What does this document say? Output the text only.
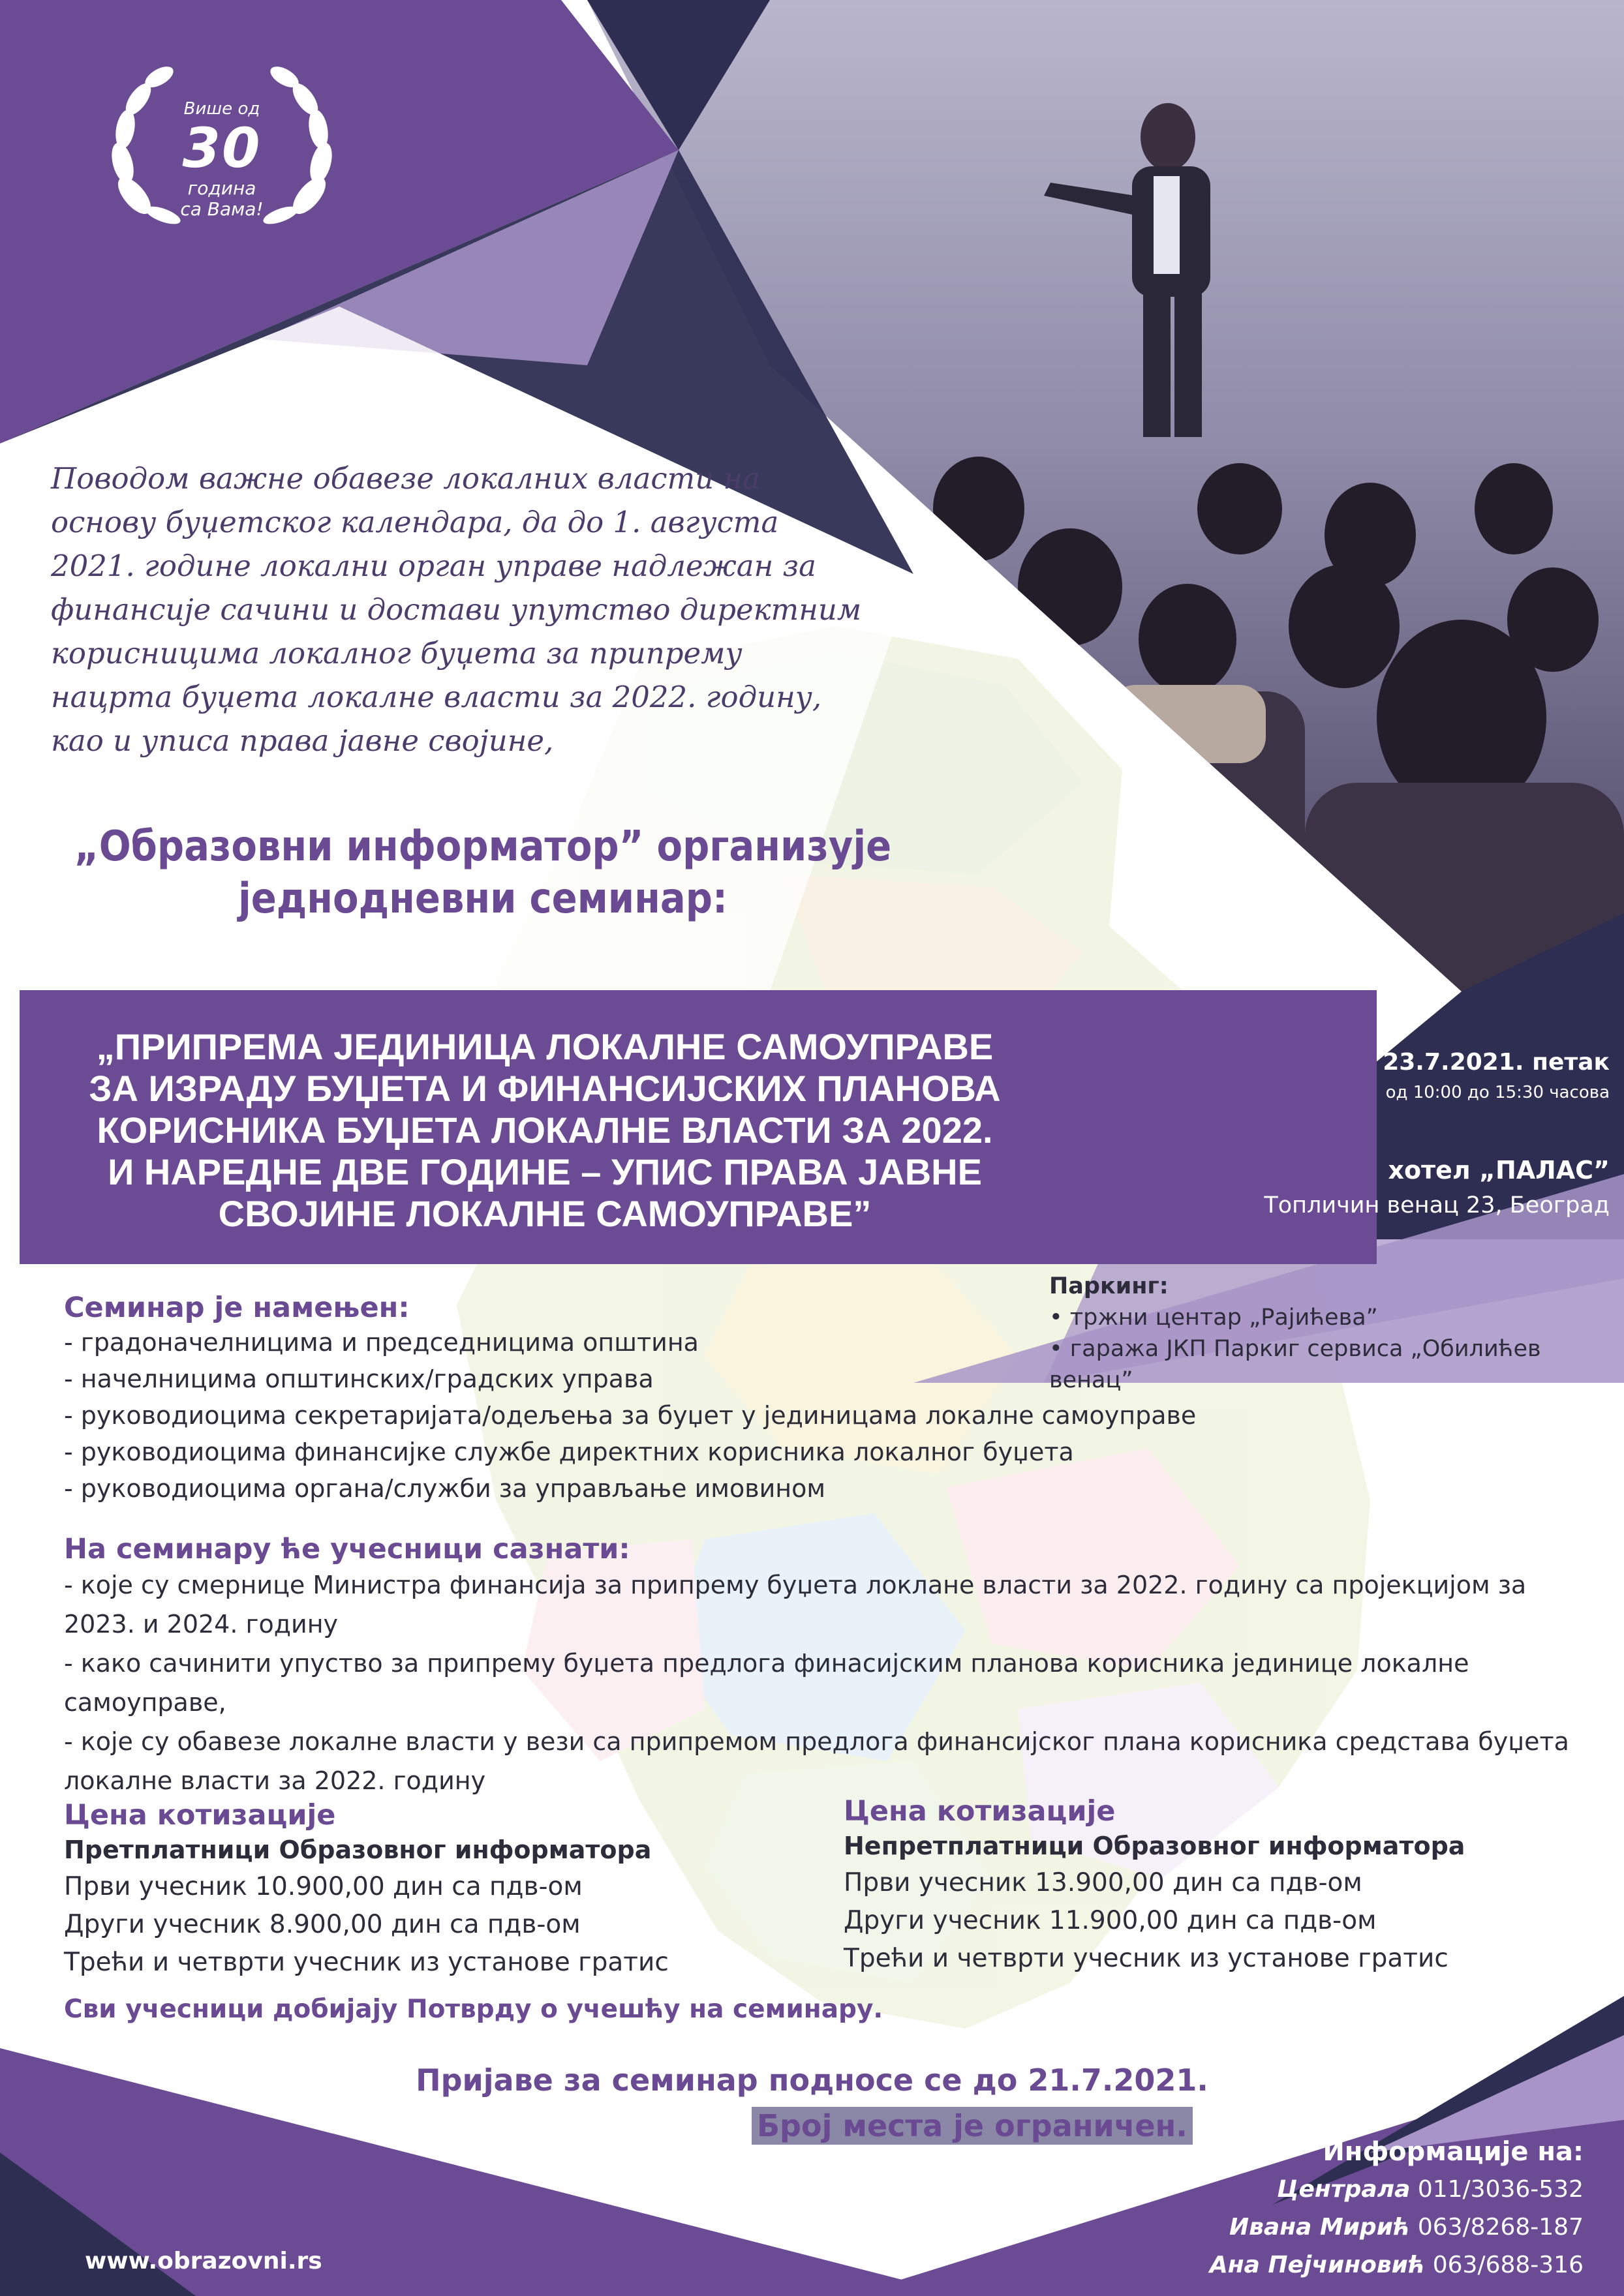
Више од
30
година
са Вама!
Поводом важне обавезе локалних власти на
основу буџетског календара, да до 1. августа
2021. године локални орган управе надлежан за
финансије сачини и достави упутство директним
корисницима локалног буџета за припрему
нацрта буџета локалне власти за 2022. годину,
као и уписа права јавне својине,
„Образовни информатор” организује
једнодневни семинар:
„ПРИПРЕМА ЈЕДИНИЦА ЛОКАЛНЕ САМОУПРАВЕ
ЗА ИЗРАДУ БУЏЕТА И ФИНАНСИЈСКИХ ПЛАНОВА
КОРИСНИКА БУЏЕТА ЛОКАЛНЕ ВЛАСТИ ЗА 2022.
И НАРЕДНЕ ДВЕ ГОДИНЕ – УПИС ПРАВА ЈАВНЕ
СВОЈИНЕ ЛОКАЛНЕ САМОУПРАВЕ”
23.7.2021. петак
од 10:00 до 15:30 часова
хотел „ПАЛАС”
Топличин венац 23, Београд
Паркинг:
• тржни центар „Рајићева”
• гаража ЈКП Паркиг сервиса „Обилићев венац”
Семинар је намењен:
- градоначелницима и председницима општина
- начелницима општинских/градских управа
- руководиоцима секретаријата/одељења за буџет у јединицама локалне самоуправе
- руководиоцима финансијке службе директних корисника локалног буџета
- руководиоцима органа/служби за управљање имовином
На семинару ће учесници сазнати:
- које су смернице Министра финансија за припрему буџета локлане власти за 2022. годину са пројекцијом за
2023. и 2024. годину
- како сачинити упуство за припрему буџета предлога финасијским планова корисника јединице локалне самоуправе,
- које су обавезе локалне власти у вези са припремом предлога финансијског плана корисника средстава буџета
локалне власти за 2022. годину
Цена котизације
Претплатници Образовног информатора
Први учесник 10.900,00 дин са пдв-ом
Други учесник 8.900,00 дин са пдв-ом
Трећи и четврти учесник из установе гратис
Цена котизације
Непретплатници Образовног информатора
Први учесник 13.900,00 дин са пдв-ом
Други учесник 11.900,00 дин са пдв-ом
Трећи и четврти учесник из установе гратис
Сви учесници добијају Потврду о учешћу на семинару.
Пријаве за семинар подносе се до 21.7.2021.
Број места је ограничен.
Информације на:
Централа 011/3036-532
Ивана Мирић 063/8268-187
Ана Пејчиновић 063/688-316
www.obrazovni.rs
